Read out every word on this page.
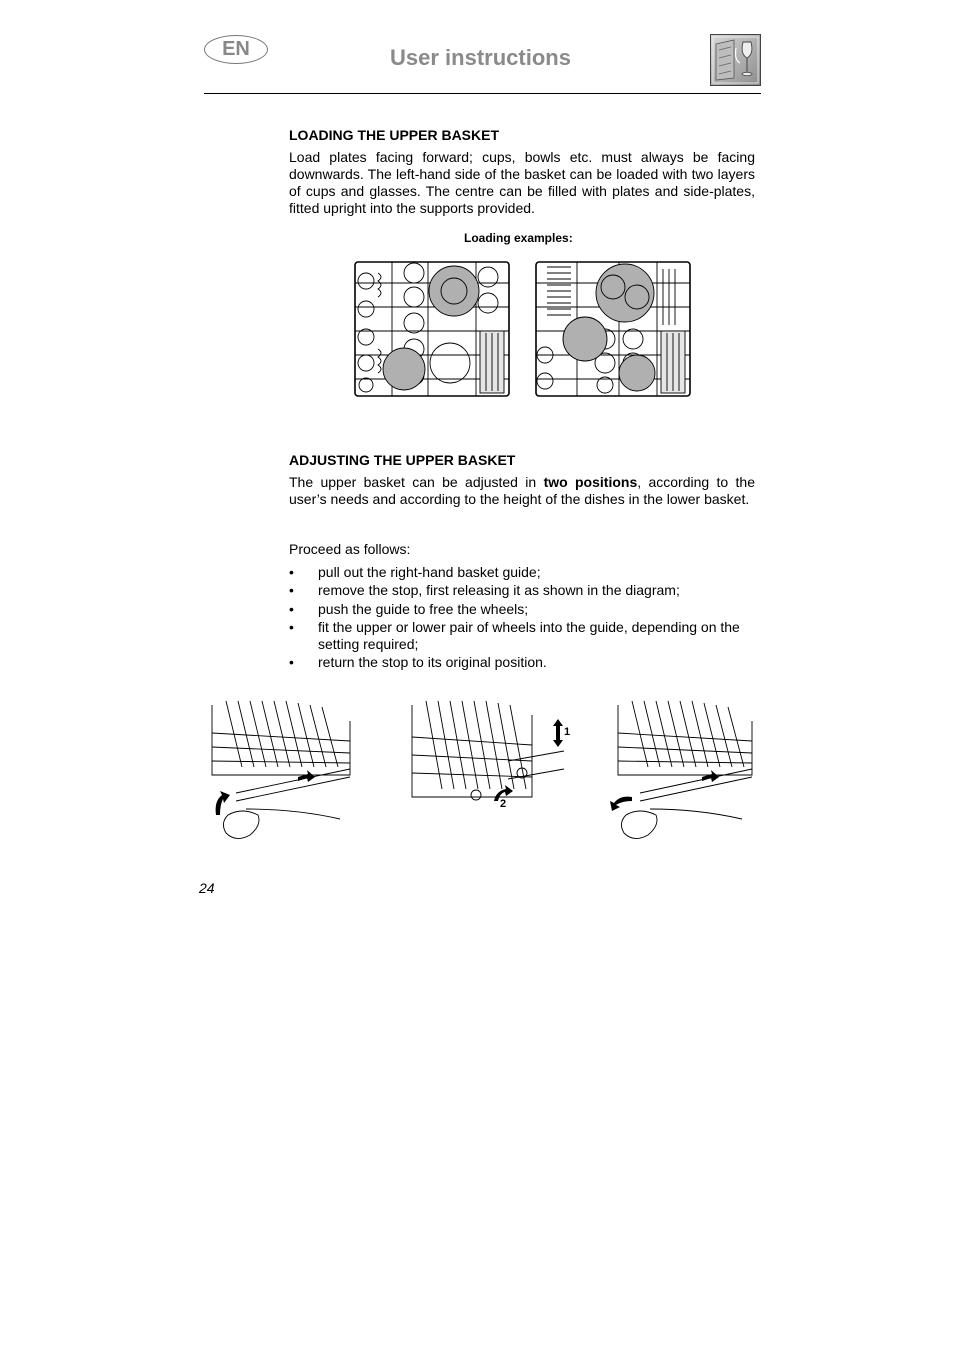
EN	User instructions
LOADING THE UPPER BASKET
Load plates facing forward; cups, bowls etc. must always be facing downwards. The left-hand side of the basket can be loaded with two layers of cups and glasses. The centre can be filled with plates and side-plates, fitted upright into the supports provided.
Loading examples:
ADJUSTING THE UPPER BASKET
The upper basket can be adjusted in two positions, according to the user’s needs and according to the height of the dishes in the lower basket.
Proceed as follows:
• pull out the right-hand basket guide;
• remove the stop, first releasing it as shown in the diagram;
• push the guide to free the wheels;
• fit the upper or lower pair of wheels into the guide, depending on the setting required;
• return the stop to its original position.
1
2
24
